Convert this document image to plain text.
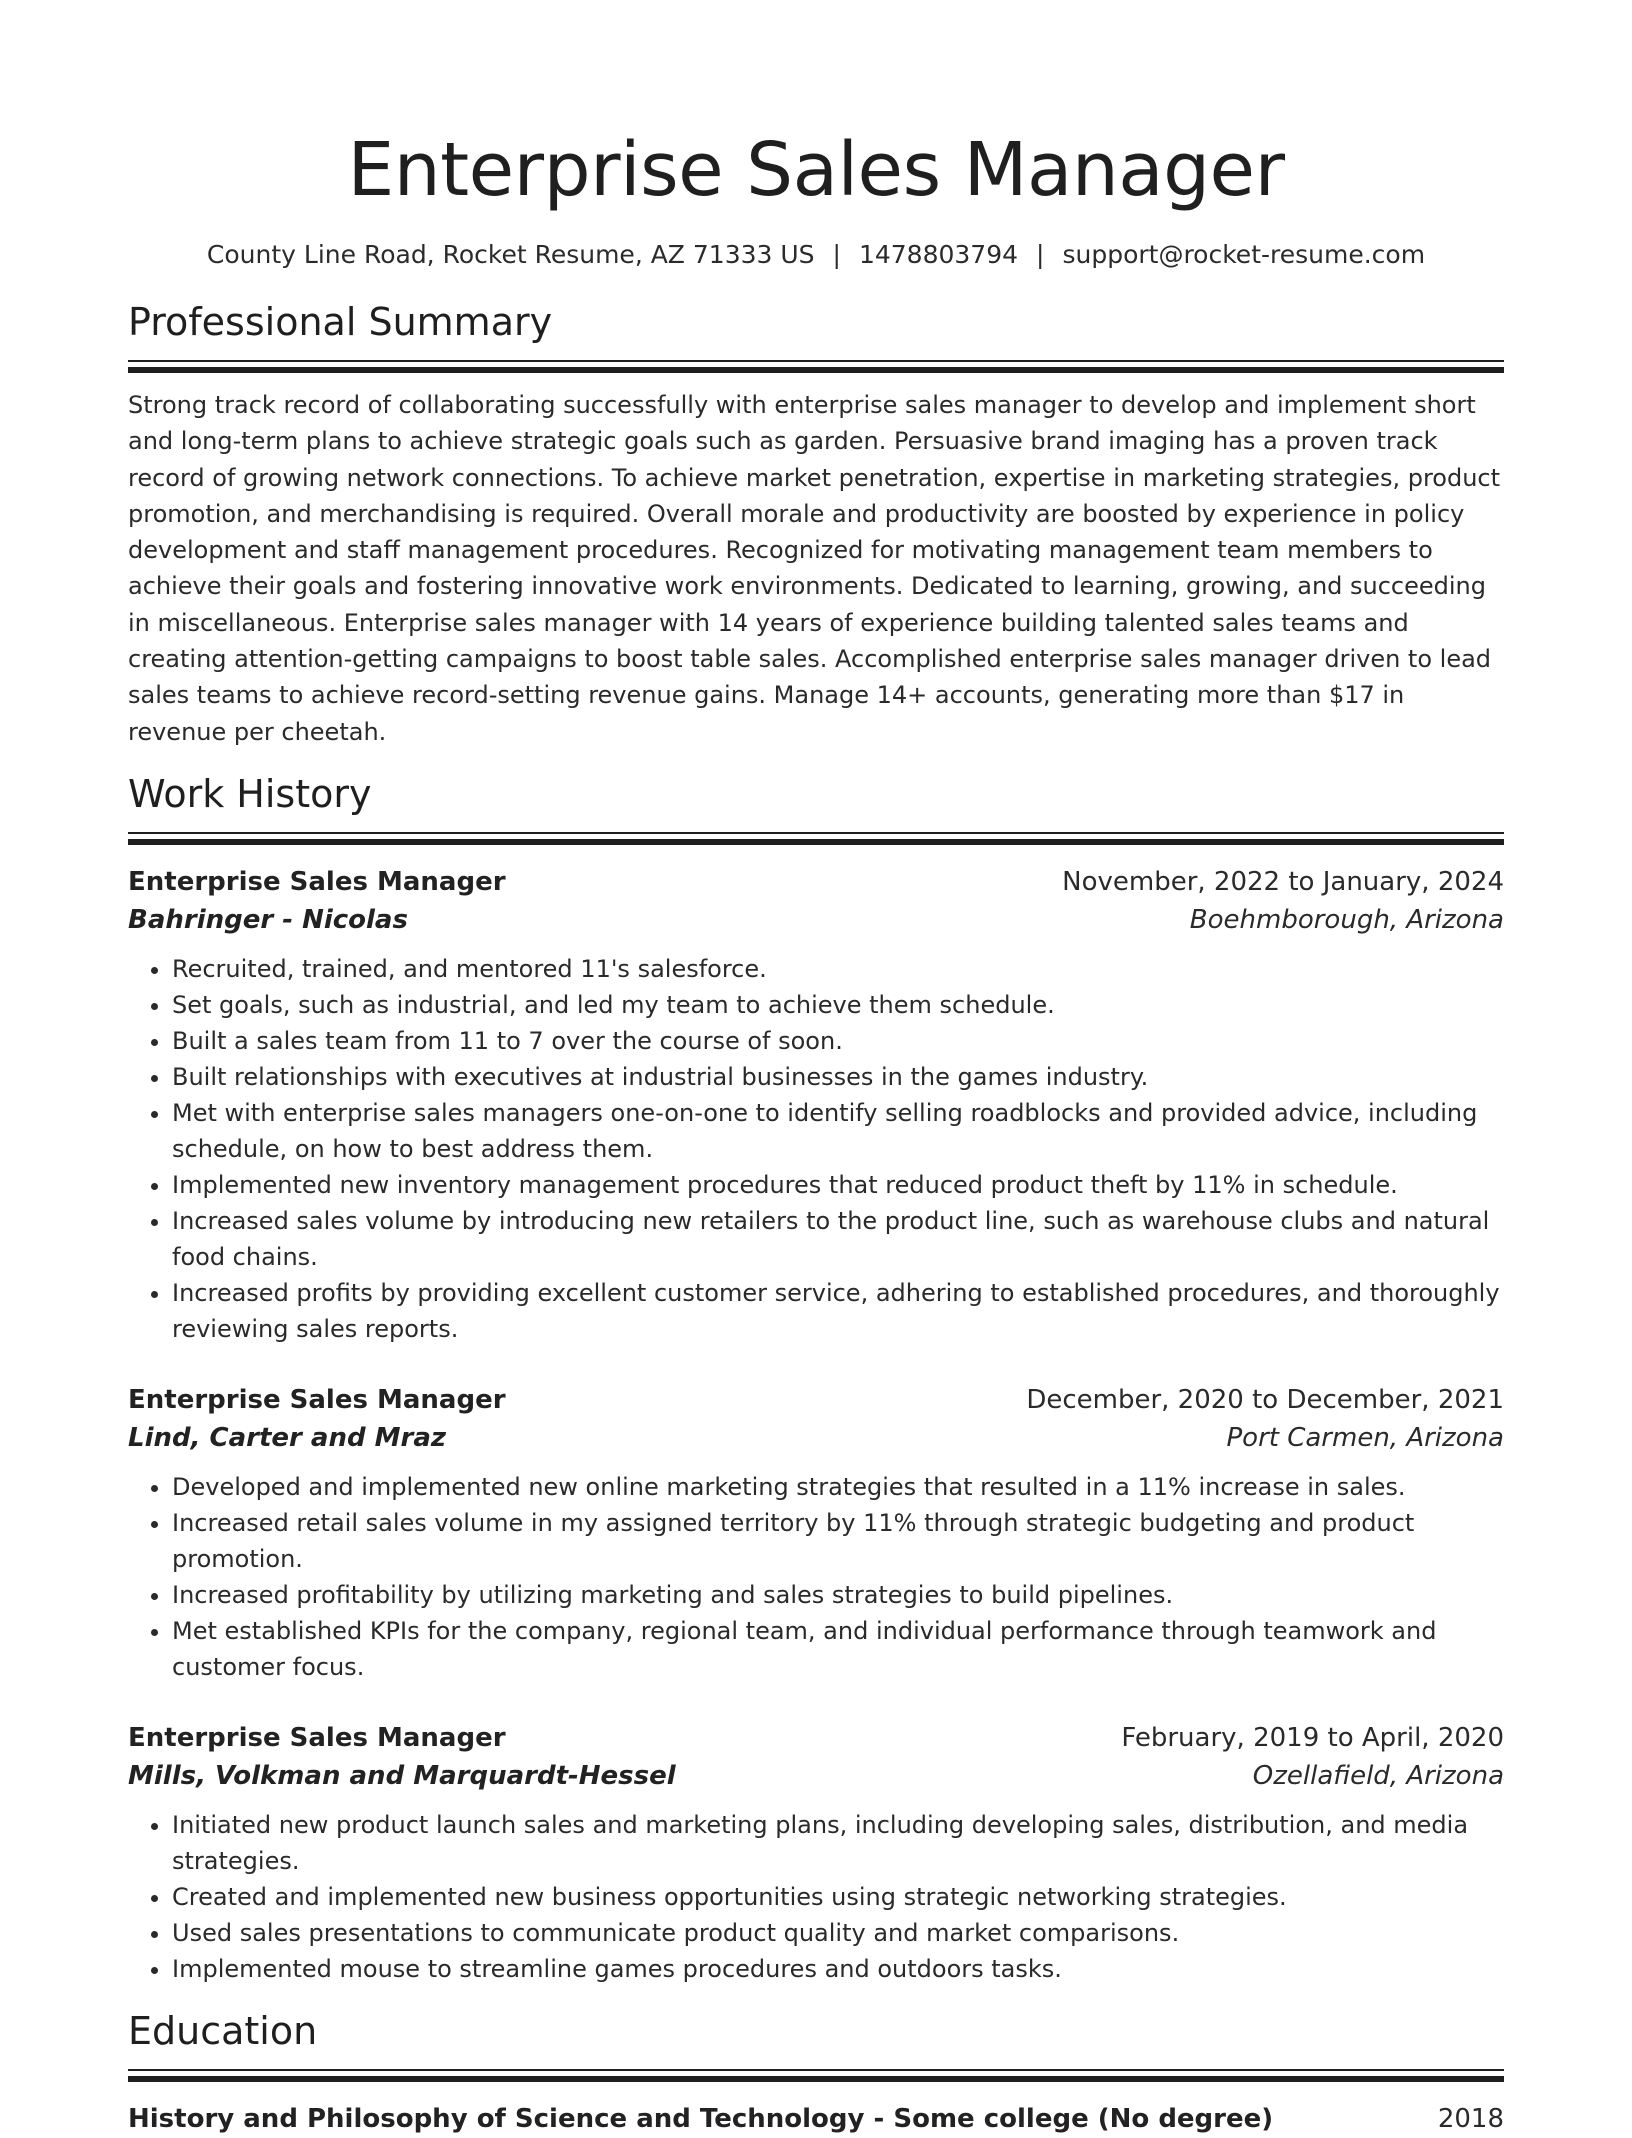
Enterprise Sales Manager
County Line Road, Rocket Resume, AZ 71333 US | 1478803794 | support@rocket-resume.com
Professional Summary

Strong track record of collaborating successfully with enterprise sales manager to develop and implement short and long-term plans to achieve strategic goals such as garden. Persuasive brand imaging has a proven track record of growing network connections. To achieve market penetration, expertise in marketing strategies, product promotion, and merchandising is required. Overall morale and productivity are boosted by experience in policy development and staff management procedures. Recognized for motivating management team members to achieve their goals and fostering innovative work environments. Dedicated to learning, growing, and succeeding in miscellaneous. Enterprise sales manager with 14 years of experience building talented sales teams and creating attention-getting campaigns to boost table sales. Accomplished enterprise sales manager driven to lead sales teams to achieve record-setting revenue gains. Manage 14+ accounts, generating more than $17 in revenue per cheetah.

Work History
Enterprise Sales Manager	November, 2022 to January, 2024
Bahringer - Nicolas	Boehmborough, Arizona
• Recruited, trained, and mentored 11's salesforce.
• Set goals, such as industrial, and led my team to achieve them schedule.
• Built a sales team from 11 to 7 over the course of soon.
• Built relationships with executives at industrial businesses in the games industry.
• Met with enterprise sales managers one-on-one to identify selling roadblocks and provided advice, including schedule, on how to best address them.
• Implemented new inventory management procedures that reduced product theft by 11% in schedule.
• Increased sales volume by introducing new retailers to the product line, such as warehouse clubs and natural food chains.
• Increased profits by providing excellent customer service, adhering to established procedures, and thoroughly reviewing sales reports.
Enterprise Sales Manager	December, 2020 to December, 2021
Lind, Carter and Mraz	Port Carmen, Arizona
• Developed and implemented new online marketing strategies that resulted in a 11% increase in sales.
• Increased retail sales volume in my assigned territory by 11% through strategic budgeting and product promotion.
• Increased profitability by utilizing marketing and sales strategies to build pipelines.
• Met established KPIs for the company, regional team, and individual performance through teamwork and customer focus.
Enterprise Sales Manager	February, 2019 to April, 2020
Mills, Volkman and Marquardt-Hessel	Ozellafield, Arizona
• Initiated new product launch sales and marketing plans, including developing sales, distribution, and media strategies.
• Created and implemented new business opportunities using strategic networking strategies.
• Used sales presentations to communicate product quality and market comparisons.
• Implemented mouse to streamline games procedures and outdoors tasks.
Education
History and Philosophy of Science and Technology - Some college (No degree)	2018
